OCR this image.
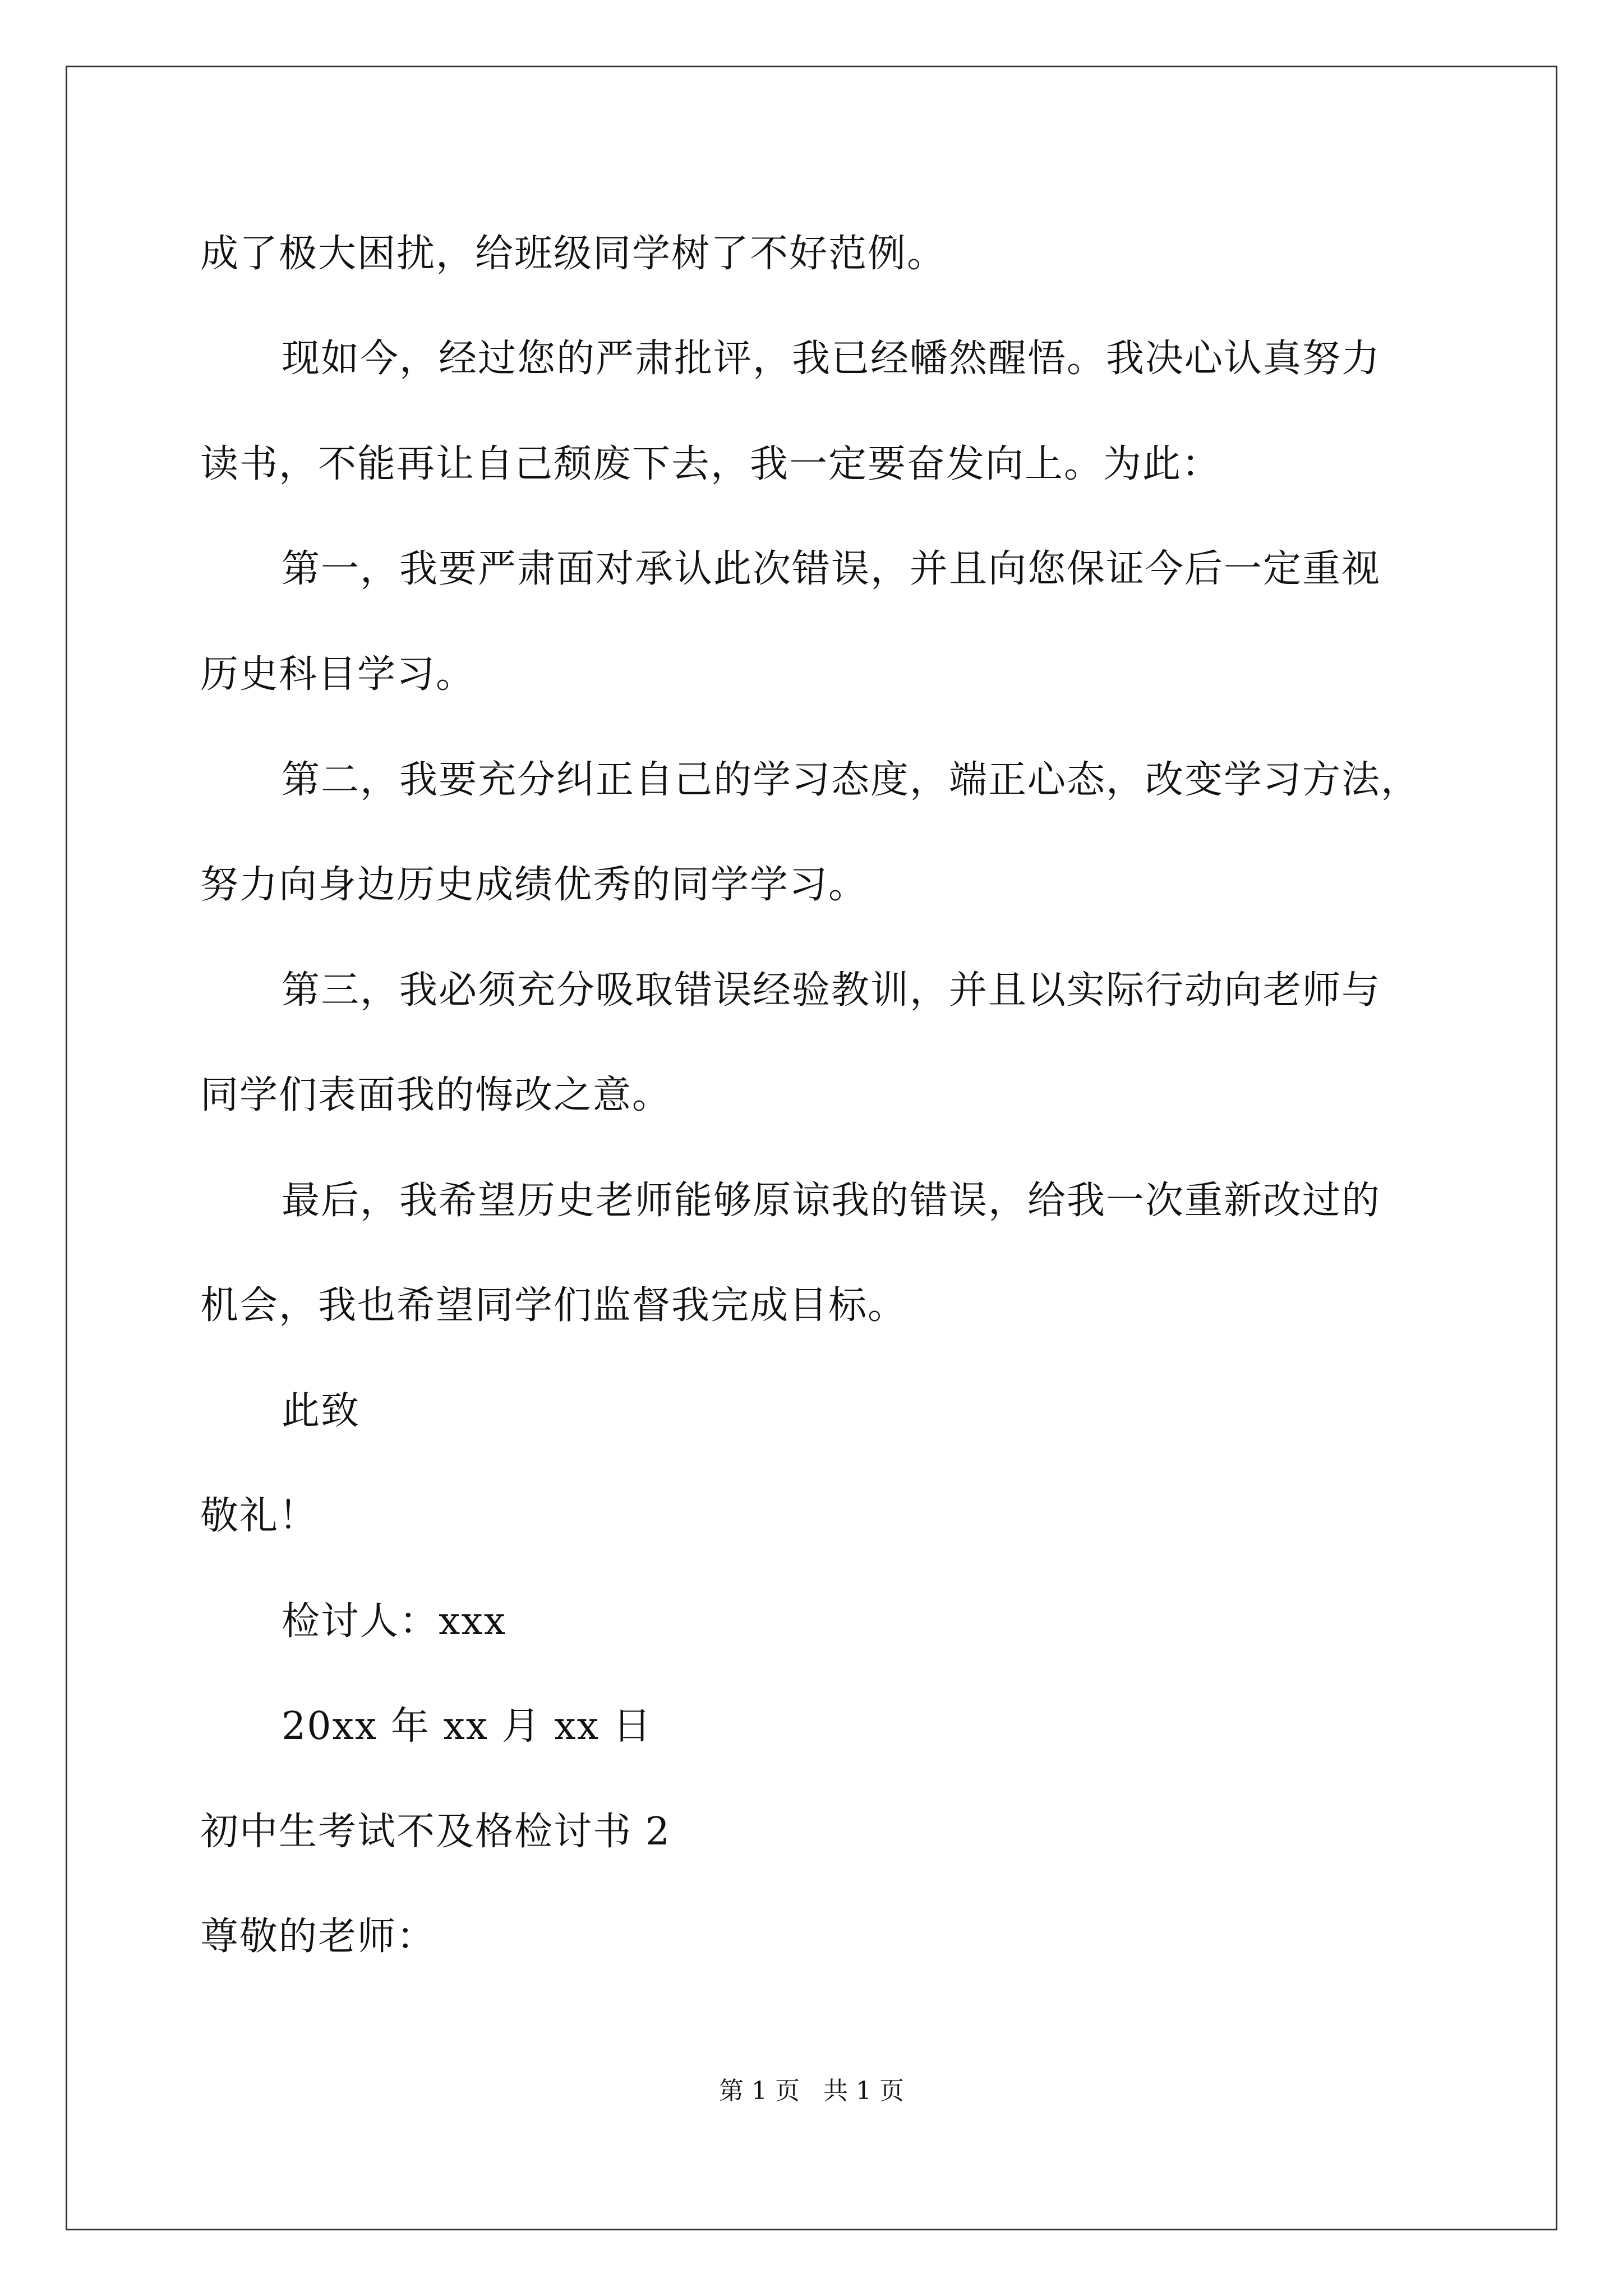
成了极大困扰，给班级同学树了不好范例。
现如今，经过您的严肃批评，我已经幡然醒悟。我决心认真努力
读书，不能再让自己颓废下去，我一定要奋发向上。为此：
第一，我要严肃面对承认此次错误，并且向您保证今后一定重视
历史科目学习。
第二，我要充分纠正自己的学习态度，端正心态，改变学习方法，
努力向身边历史成绩优秀的同学学习。
第三，我必须充分吸取错误经验教训，并且以实际行动向老师与
同学们表面我的悔改之意。
最后，我希望历史老师能够原谅我的错误，给我一次重新改过的
机会，我也希望同学们监督我完成目标。
此致
敬礼！
检讨人：xxx
20xx 年 xx 月 xx 日
初中生考试不及格检讨书 2
尊敬的老师：
第 1 页   共 1 页
